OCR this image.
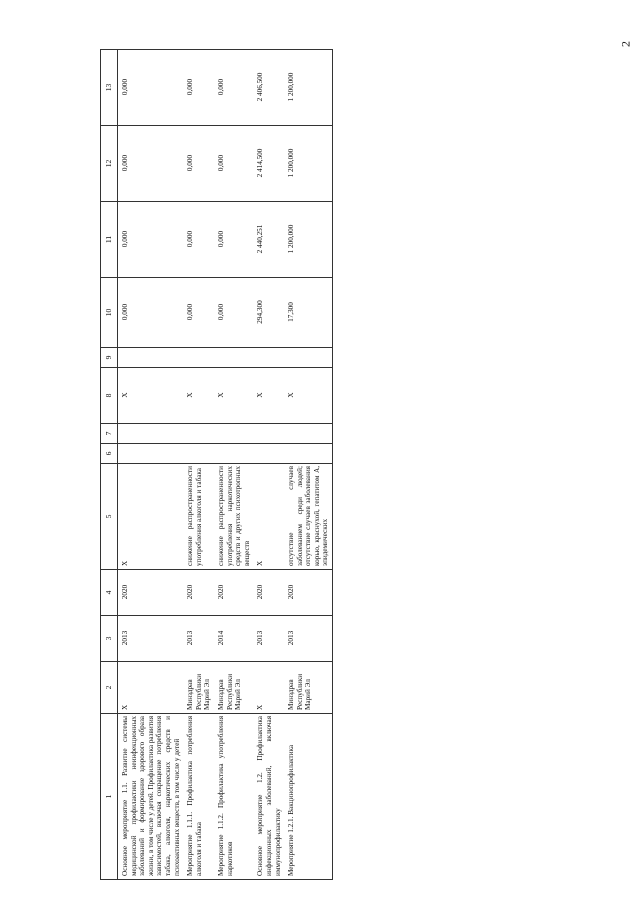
2
1	2	3	4	5	6	7	8	9	10	11	12	13
Основное мероприятие 1.1. Развитие системы медицинской профилактики неинфекционных заболеваний и формирование здорового образа жизни, в том числе у детей. Профилактика развития зависимостей, включая сокращение потребления табака, алкоголя, наркотических средств и психоактивных веществ, в том числе у детей	X	2013	2020	X			X		0,000	0,000	0,000	0,000
Мероприятие 1.1.1. Профилактика потребления алкоголя и табака	Минздрав Республики Марий Эл	2013	2020	снижение распространенности употребления алкоголя и табака			X		0,000	0,000	0,000	0,000
Мероприятие 1.1.2. Профилактика употребления наркотиков	Минздрав Республики Марий Эл	2014	2020	снижение распространенности употребления наркотических средств и других психотропных веществ			X		0,000	0,000	0,000	0,000
Основное мероприятие 1.2. Профилактика инфекционных заболеваний, включая иммунопрофилактику	X	2013	2020	X			X		294,300	2 440,251	2 414,500	2 406,500
Мероприятие 1.2.1. Вакцинопрофилактика	Минздрав Республики Марий Эл	2013	2020	отсутствие случаев заболеванием среди людей; отсутствие случаев заболевания корью, краснухой, гепатитом А, эпидемических			X		17,300	1 200,000	1 200,000	1 200,000
